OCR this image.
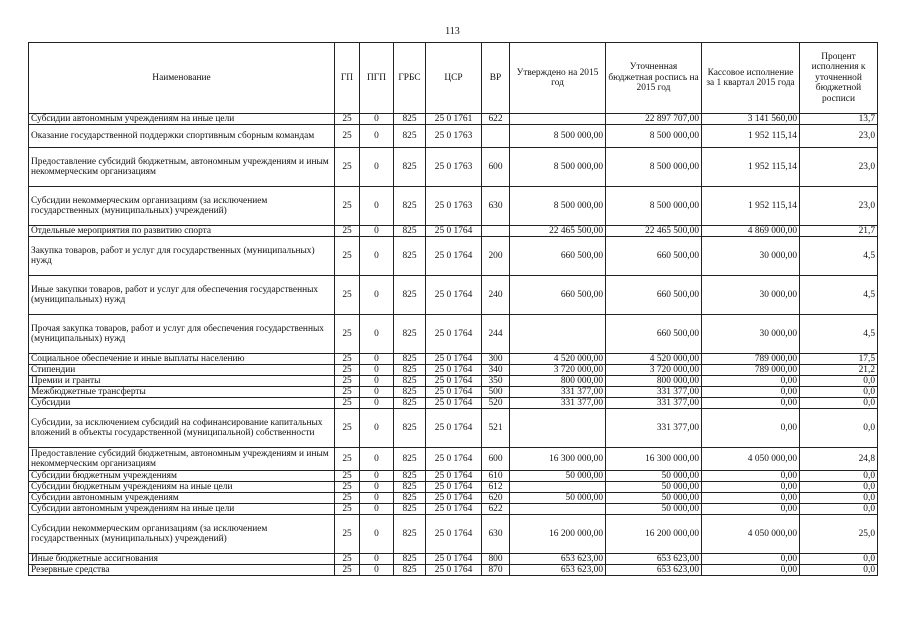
113
Наименование	ГП	ПГП	ГРБС	ЦСР	ВР	Утверждено на 2015 год	Уточненная бюджетная роспись на 2015 год	Кассовое исполнение за 1 квартал 2015 года	Процент исполнения к уточненной бюджетной росписи
Субсидии автономным учреждениям на иные цели	25	0	825	25 0 1761	622		22 897 707,00	3 141 560,00	13,7
Оказание государственной поддержки спортивным сборным командам	25	0	825	25 0 1763		8 500 000,00	8 500 000,00	1 952 115,14	23,0
Предоставление субсидий бюджетным, автономным учреждениям и иным некоммерческим организациям	25	0	825	25 0 1763	600	8 500 000,00	8 500 000,00	1 952 115,14	23,0
Субсидии некоммерческим организациям (за исключением государственных (муниципальных) учреждений)	25	0	825	25 0 1763	630	8 500 000,00	8 500 000,00	1 952 115,14	23,0
Отдельные мероприятия по развитию спорта	25	0	825	25 0 1764		22 465 500,00	22 465 500,00	4 869 000,00	21,7
Закупка товаров, работ и услуг для государственных (муниципальных) нужд	25	0	825	25 0 1764	200	660 500,00	660 500,00	30 000,00	4,5
Иные закупки товаров, работ и услуг для обеспечения государственных (муниципальных) нужд	25	0	825	25 0 1764	240	660 500,00	660 500,00	30 000,00	4,5
Прочая закупка товаров, работ и услуг для обеспечения государственных (муниципальных) нужд	25	0	825	25 0 1764	244		660 500,00	30 000,00	4,5
Социальное обеспечение и иные выплаты населению	25	0	825	25 0 1764	300	4 520 000,00	4 520 000,00	789 000,00	17,5
Стипендии	25	0	825	25 0 1764	340	3 720 000,00	3 720 000,00	789 000,00	21,2
Премии и гранты	25	0	825	25 0 1764	350	800 000,00	800 000,00	0,00	0,0
Межбюджетные трансферты	25	0	825	25 0 1764	500	331 377,00	331 377,00	0,00	0,0
Субсидии	25	0	825	25 0 1764	520	331 377,00	331 377,00	0,00	0,0
Субсидии, за исключением субсидий на софинансирование капитальных вложений в объекты государственной (муниципальной) собственности	25	0	825	25 0 1764	521		331 377,00	0,00	0,0
Предоставление субсидий бюджетным, автономным учреждениям и иным некоммерческим организациям	25	0	825	25 0 1764	600	16 300 000,00	16 300 000,00	4 050 000,00	24,8
Субсидии бюджетным учреждениям	25	0	825	25 0 1764	610	50 000,00	50 000,00	0,00	0,0
Субсидии бюджетным учреждениям на иные цели	25	0	825	25 0 1764	612		50 000,00	0,00	0,0
Субсидии автономным учреждениям	25	0	825	25 0 1764	620	50 000,00	50 000,00	0,00	0,0
Субсидии автономным учреждениям на иные цели	25	0	825	25 0 1764	622		50 000,00	0,00	0,0
Субсидии некоммерческим организациям (за исключением государственных (муниципальных) учреждений)	25	0	825	25 0 1764	630	16 200 000,00	16 200 000,00	4 050 000,00	25,0
Иные бюджетные ассигнования	25	0	825	25 0 1764	800	653 623,00	653 623,00	0,00	0,0
Резервные средства	25	0	825	25 0 1764	870	653 623,00	653 623,00	0,00	0,0
